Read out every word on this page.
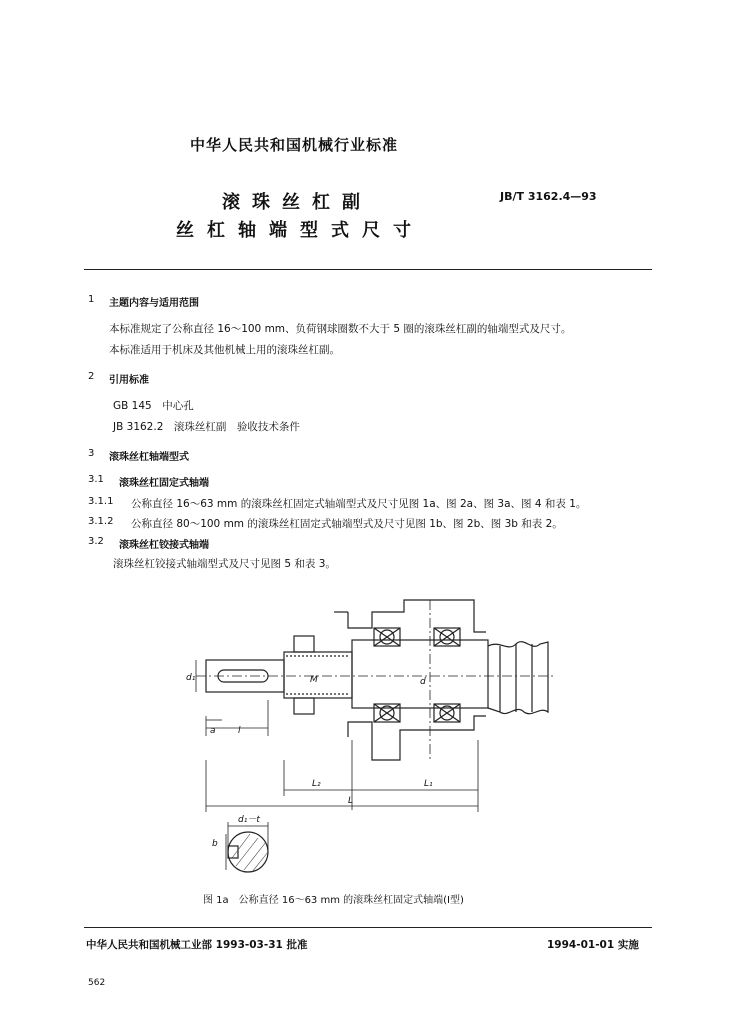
中华人民共和国机械行业标准
滚珠丝杠副
丝杠轴端型式尺寸
JB/T 3162.4—93
1 主题内容与适用范围
本标准规定了公称直径 16～100 mm、负荷钢球圈数不大于 5 圈的滚珠丝杠副的轴端型式及尺寸。
本标准适用于机床及其他机械上用的滚珠丝杠副。
2 引用标准
GB 145　中心孔
JB 3162.2　滚珠丝杠副　验收技术条件
3 滚珠丝杠轴端型式
3.1 滚珠丝杠固定式轴端
3.1.1 公称直径 16～63 mm 的滚珠丝杠固定式轴端型式及尺寸见图 1a、图 2a、图 3a、图 4 和表 1。
3.1.2 公称直径 80～100 mm 的滚珠丝杠固定式轴端型式及尺寸见图 1b、图 2b、图 3b 和表 2。
3.2 滚珠丝杠铰接式轴端
滚珠丝杠铰接式轴端型式及尺寸见图 5 和表 3。
d₁	M	d
a l
L₂	L₁
L
b
d₁－t
图 1a　公称直径 16～63 mm 的滚珠丝杠固定式轴端(Ⅰ型)
中华人民共和国机械工业部 1993-03-31 批准	1994-01-01 实施
562
